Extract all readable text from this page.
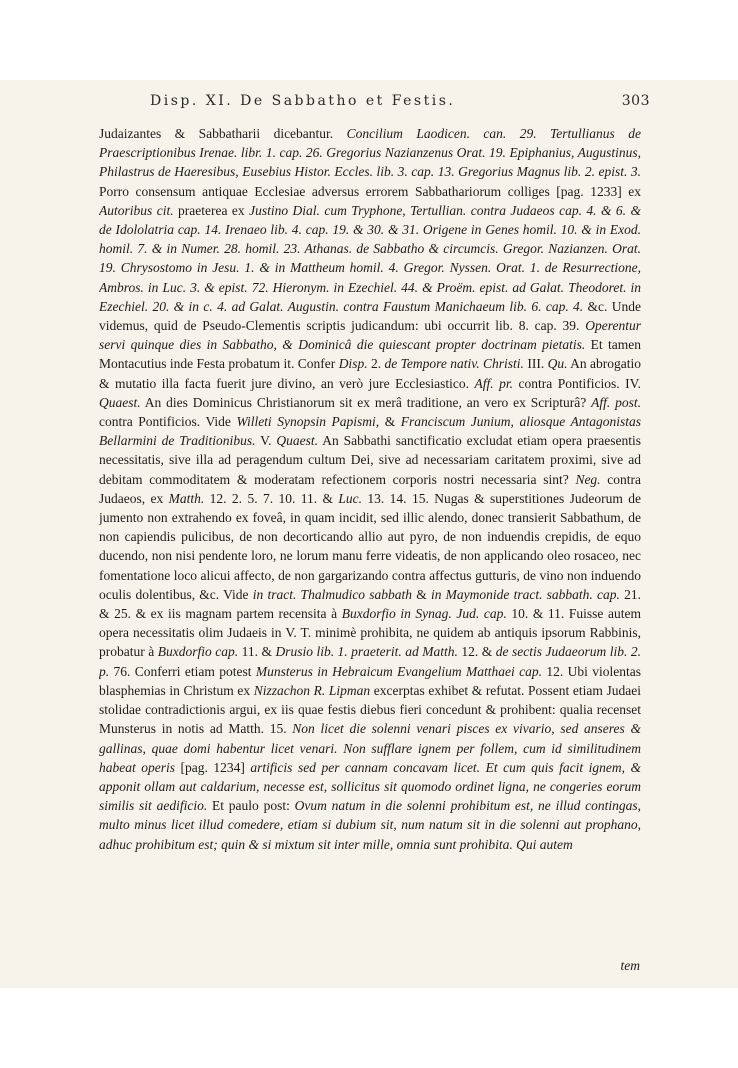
Disp. XI. De Sabbatho et Festis.	303

Judaizantes & Sabbatharii dicebantur. Concilium Laodicen. can. 29. Tertullianus de Praescriptionibus Irenae. libr. 1. cap. 26. Gregorius Nazianzenus Orat. 19. Epiphanius, Augustinus, Philastrus de Haeresibus, Eusebius Histor. Eccles. lib. 3. cap. 13. Gregorius Magnus lib. 2. epist. 3. Porro consensum antiquae Ecclesiae adversus errorem Sabbathariorum colliges [pag. 1233] ex Autoribus cit. praeterea ex Justino Dial. cum Tryphone, Tertullian. contra Judaeos cap. 4. & 6. & de Idololatria cap. 14. Irenaeo lib. 4. cap. 19. & 30. & 31. Origene in Genes homil. 10. & in Exod. homil. 7. & in Numer. 28. homil. 23. Athanas. de Sabbatho & circumcis. Gregor. Nazianzen. Orat. 19. Chrysostomo in Jesu. 1. & in Mattheum homil. 4. Gregor. Nyssen. Orat. 1. de Resurrectione, Ambros. in Luc. 3. & epist. 72. Hieronym. in Ezechiel. 44. & Proëm. epist. ad Galat. Theodoret. in Ezechiel. 20. & in c. 4. ad Galat. Augustin. contra Faustum Manichaeum lib. 6. cap. 4. &c. Unde videmus, quid de Pseudo-Clementis scriptis judicandum: ubi occurrit lib. 8. cap. 39. Operentur servi quinque dies in Sabbatho, & Dominicâ die quiescant propter doctrinam pietatis. Et tamen Montacutius inde Festa probatum it. Confer Disp. 2. de Tempore nativ. Christi. III. Qu. An abrogatio & mutatio illa facta fuerit jure divino, an verò jure Ecclesiastico. Aff. pr. contra Pontificios. IV. Quaest. An dies Dominicus Christianorum sit ex merâ traditione, an vero ex Scripturâ? Aff. post. contra Pontificios. Vide Willeti Synopsin Papismi, & Franciscum Junium, aliosque Antagonistas Bellarmini de Traditionibus. V. Quaest. An Sabbathi sanctificatio excludat etiam opera praesentis necessitatis, sive illa ad peragendum cultum Dei, sive ad necessariam caritatem proximi, sive ad debitam commoditatem & moderatam refectionem corporis nostri necessaria sint? Neg. contra Judaeos, ex Matth. 12. 2. 5. 7. 10. 11. & Luc. 13. 14. 15. Nugas & superstitiones Judeorum de jumento non extrahendo ex foveâ, in quam incidit, sed illic alendo, donec transierit Sabbathum, de non capiendis pulicibus, de non decorticando allio aut pyro, de non induendis crepidis, de equo ducendo, non nisi pendente loro, ne lorum manu ferre videatis, de non applicando oleo rosaceo, nec fomentatione loco alicui affecto, de non gargarizando contra affectus gutturis, de vino non induendo oculis dolentibus, &c. Vide in tract. Thalmudico sabbath & in Maymonide tract. sabbath. cap. 21. & 25. & ex iis magnam partem recensita à Buxdorfio in Synag. Jud. cap. 10. & 11. Fuisse autem opera necessitatis olim Judaeis in V. T. minimè prohibita, ne quidem ab antiquis ipsorum Rabbinis, probatur à Buxdorfio cap. 11. & Drusio lib. 1. praeterit. ad Matth. 12. & de sectis Judaeorum lib. 2. p. 76. Conferri etiam potest Munsterus in Hebraicum Evangelium Matthaei cap. 12. Ubi violentas blasphemias in Christum ex Nizzachon R. Lipman excerptas exhibet & refutat. Possent etiam Judaei stolidae contradictionis argui, ex iis quae festis diebus fieri concedunt & prohibent: qualia recenset Munsterus in notis ad Matth. 15. Non licet die solenni venari pisces ex vivario, sed anseres & gallinas, quae domi habentur licet venari. Non sufflare ignem per follem, cum id similitudinem habeat operis [pag. 1234] artificis sed per cannam concavam licet. Et cum quis facit ignem, & apponit ollam aut caldarium, necesse est, sollicitus sit quomodo ordinet ligna, ne congeries eorum similis sit aedificio. Et paulo post: Ovum natum in die solenni prohibitum est, ne illud contingas, multo minus licet illud comedere, etiam si dubium sit, num natum sit in die solenni aut prophano, adhuc prohibitum est; quin & si mixtum sit inter mille, omnia sunt prohibita. Qui autem

tem
